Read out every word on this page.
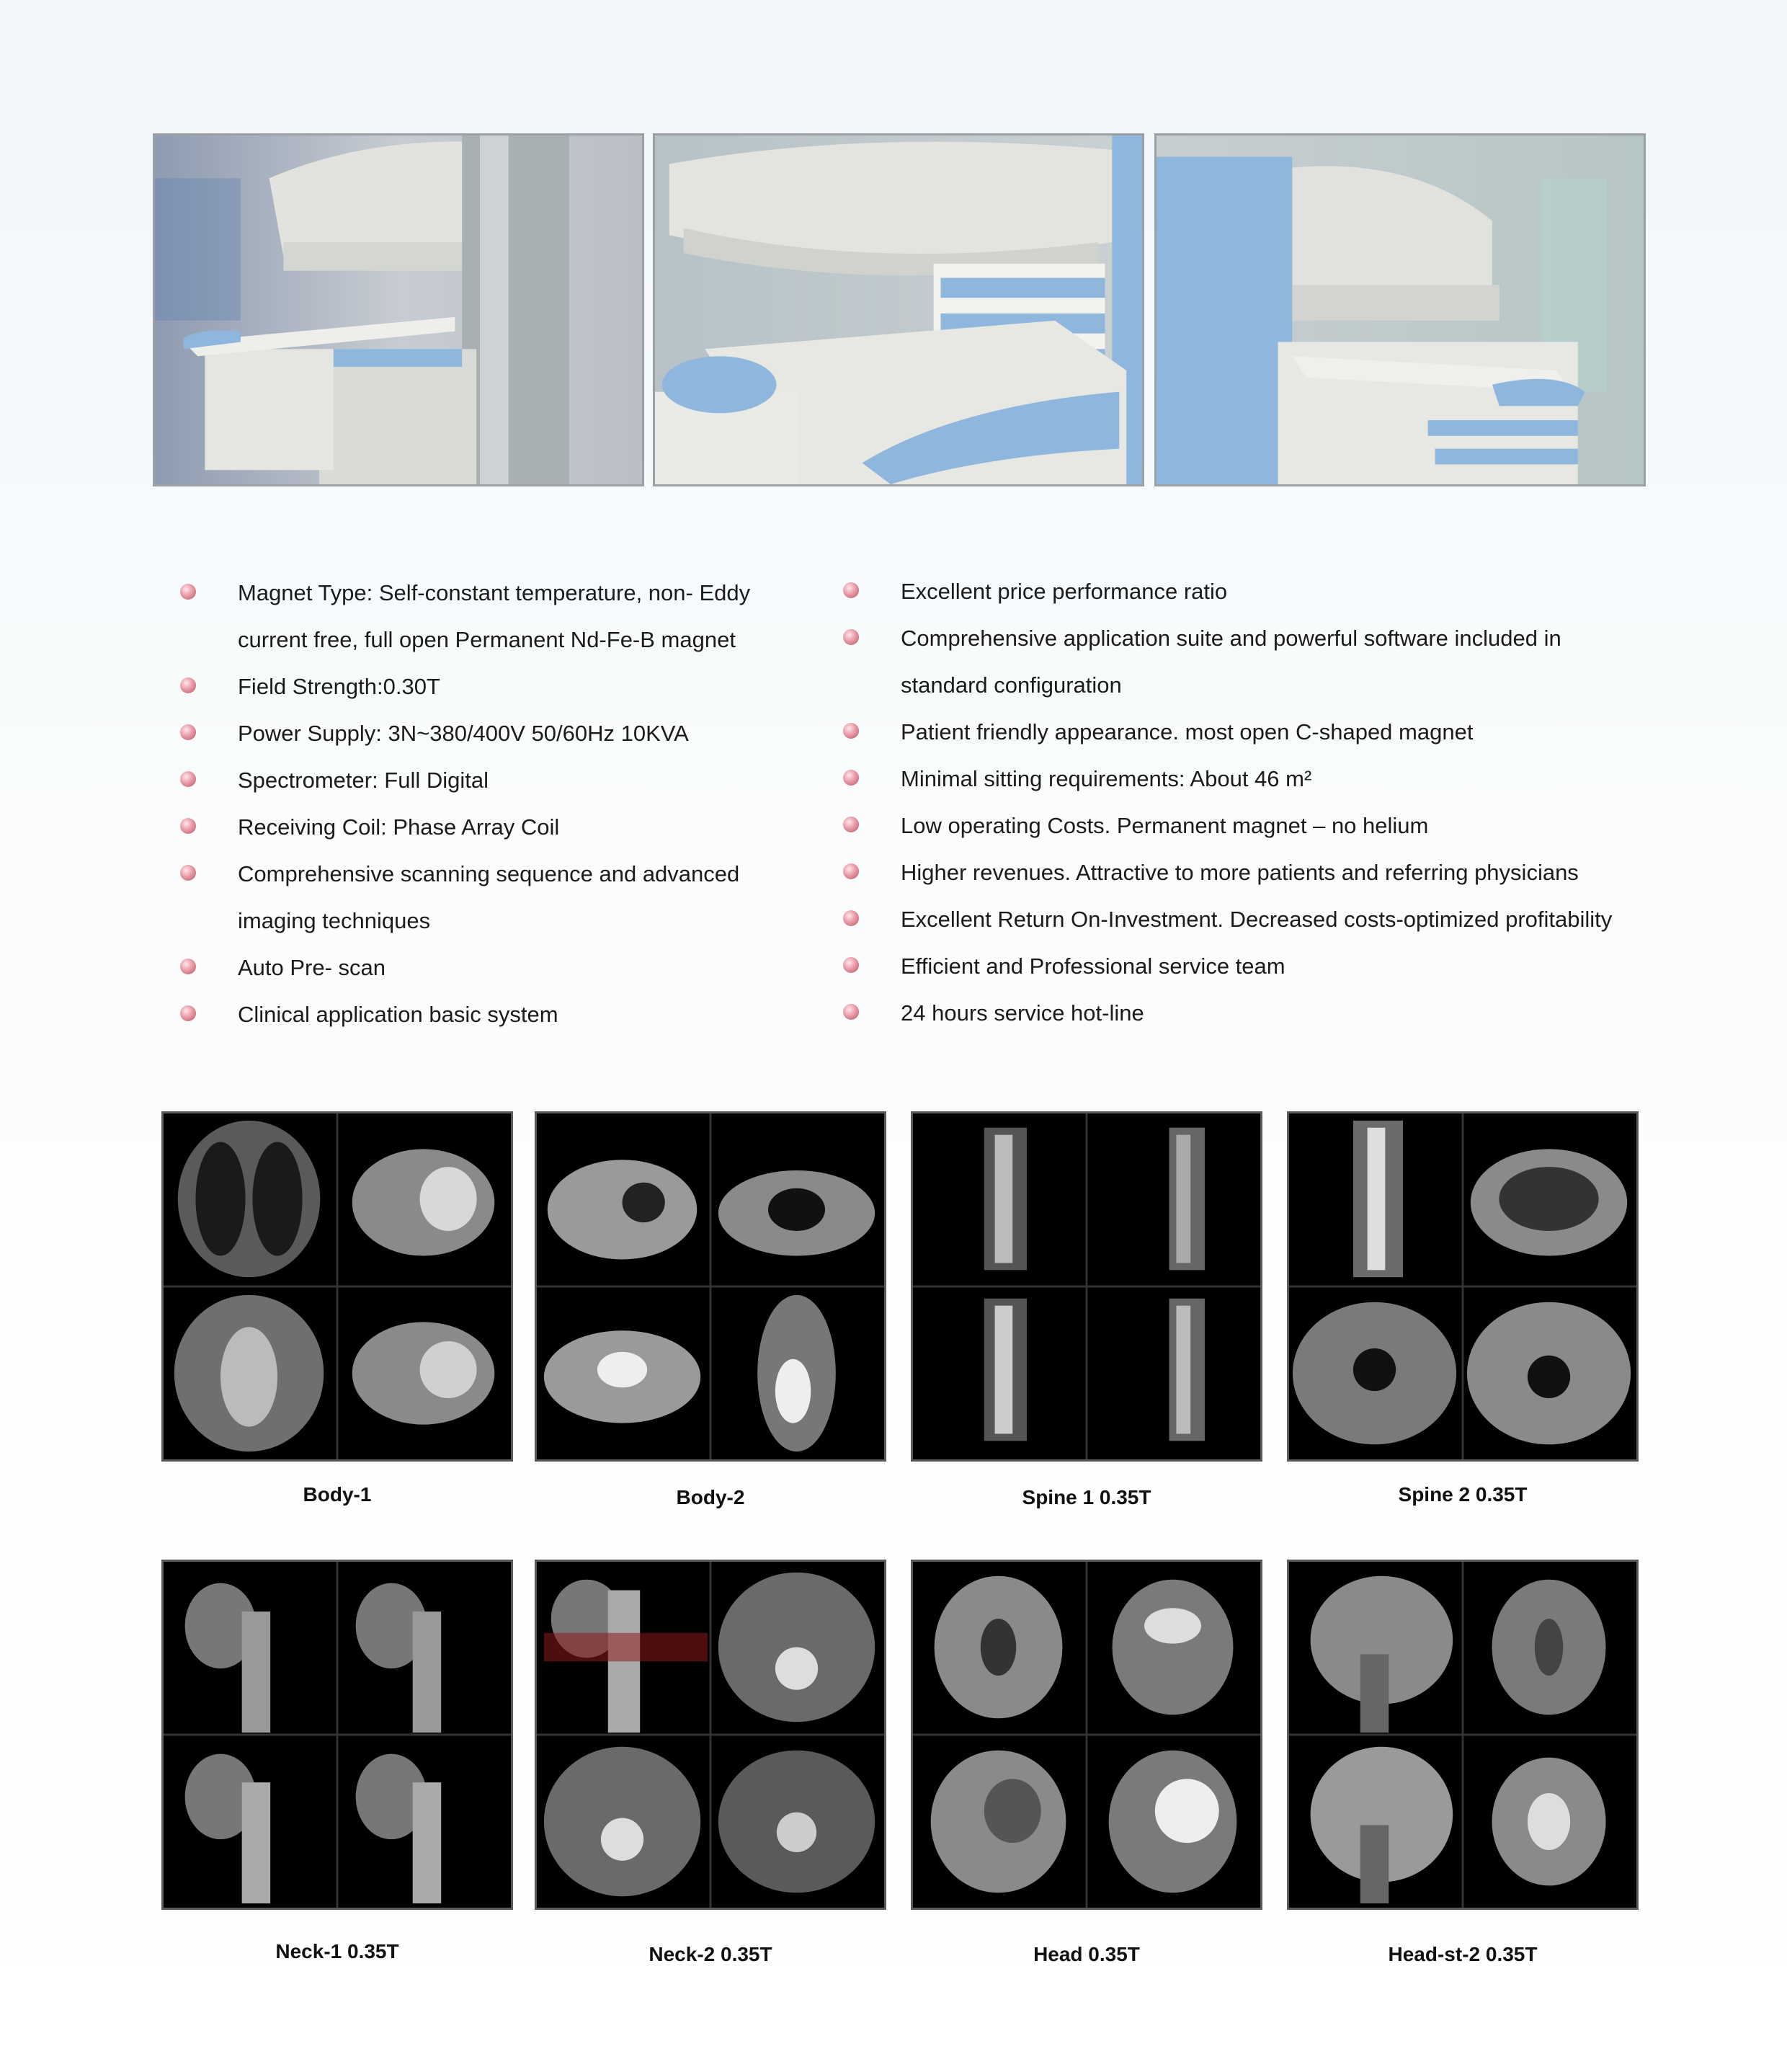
Magnet Type: Self-constant temperature, non- Eddy
current free, full open Permanent Nd-Fe-B magnet
Field Strength:0.30T
Power Supply: 3N~380/400V 50/60Hz 10KVA
Spectrometer: Full Digital
Receiving Coil: Phase Array Coil
Comprehensive scanning sequence and advanced
imaging techniques
Auto Pre- scan
Clinical application basic system
Excellent price performance ratio
Comprehensive application suite and powerful software included in
standard configuration
Patient friendly appearance. most open C-shaped magnet
Minimal sitting requirements: About 46 m²
Low operating Costs. Permanent magnet – no helium
Higher revenues. Attractive to more patients and referring physicians
Excellent Return On-Investment. Decreased costs-optimized profitability
Efficient and Professional service team
24 hours service hot-line
Body-1	Body-2	Spine 1 0.35T	Spine 2 0.35T
Neck-1 0.35T	Neck-2 0.35T	Head 0.35T	Head-st-2 0.35T
